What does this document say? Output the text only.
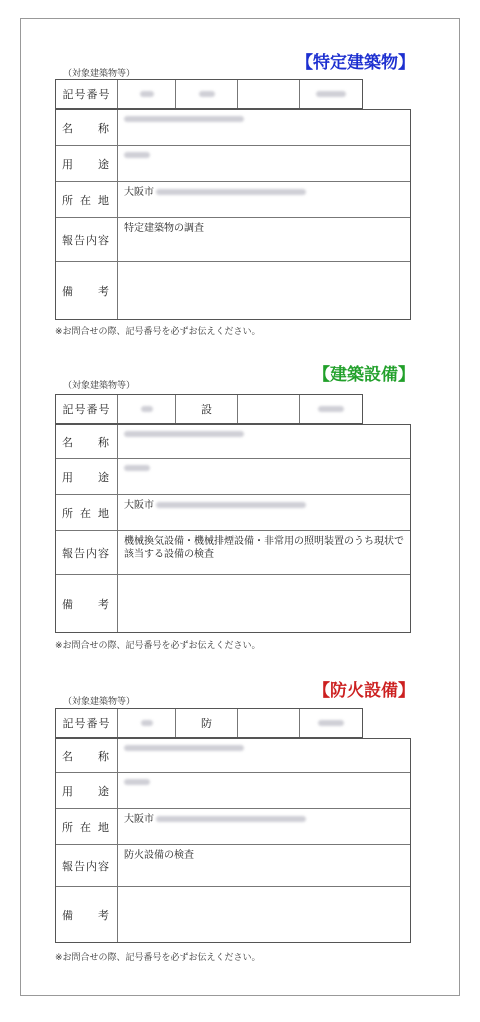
【特定建築物】
（対象建築物等）
記号番号
名 称
用 途
所 在 地
大阪市
報告内容
特定建築物の調査
備 考
※お問合せの際、記号番号を必ずお伝えください。
【建築設備】
（対象建築物等）
記号番号	設
名 称
用 途
所 在 地
大阪市
報告内容
機械換気設備・機械排煙設備・非常用の照明装置のうち現状で該当する設備の検査
備 考
※お問合せの際、記号番号を必ずお伝えください。
【防火設備】
（対象建築物等）
記号番号	防
名 称
用 途
所 在 地
大阪市
報告内容
防火設備の検査
備 考
※お問合せの際、記号番号を必ずお伝えください。
